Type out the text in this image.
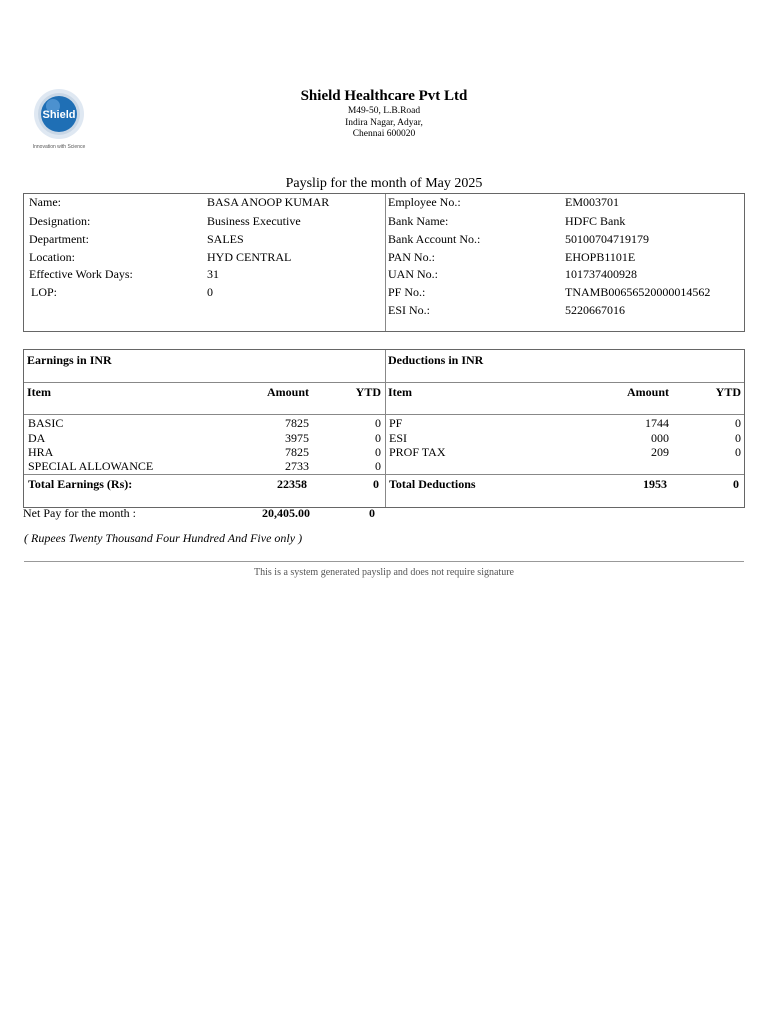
Shield
Innovation with Science
Shield Healthcare Pvt Ltd
M49-50, L.B.Road
Indira Nagar, Adyar,
Chennai 600020
Payslip for the month of May 2025
Name:	BASA ANOOP KUMAR
Designation:	Business Executive
Department:	SALES
Location:	HYD CENTRAL
Effective Work Days:	31
LOP:	0
Employee No.:	EM003701
Bank Name:	HDFC Bank
Bank Account No.:	50100704719179
PAN No.:	EHOPB1101E
UAN No.:	101737400928
PF No.:	TNAMB00656520000014562
ESI No.:	5220667016
Earnings in INR
Item	Amount	YTD
BASIC	7825	0
DA	3975	0
HRA	7825	0
SPECIAL ALLOWANCE	2733	0
Total Earnings (Rs):	22358	0
Deductions in INR
Item	Amount	YTD
PF	1744	0
ESI	000	0
PROF TAX	209	0
Total Deductions	1953	0
Net Pay for the month :	20,405.00	0
( Rupees Twenty Thousand Four Hundred And Five only )
This is a system generated payslip and does not require signature
